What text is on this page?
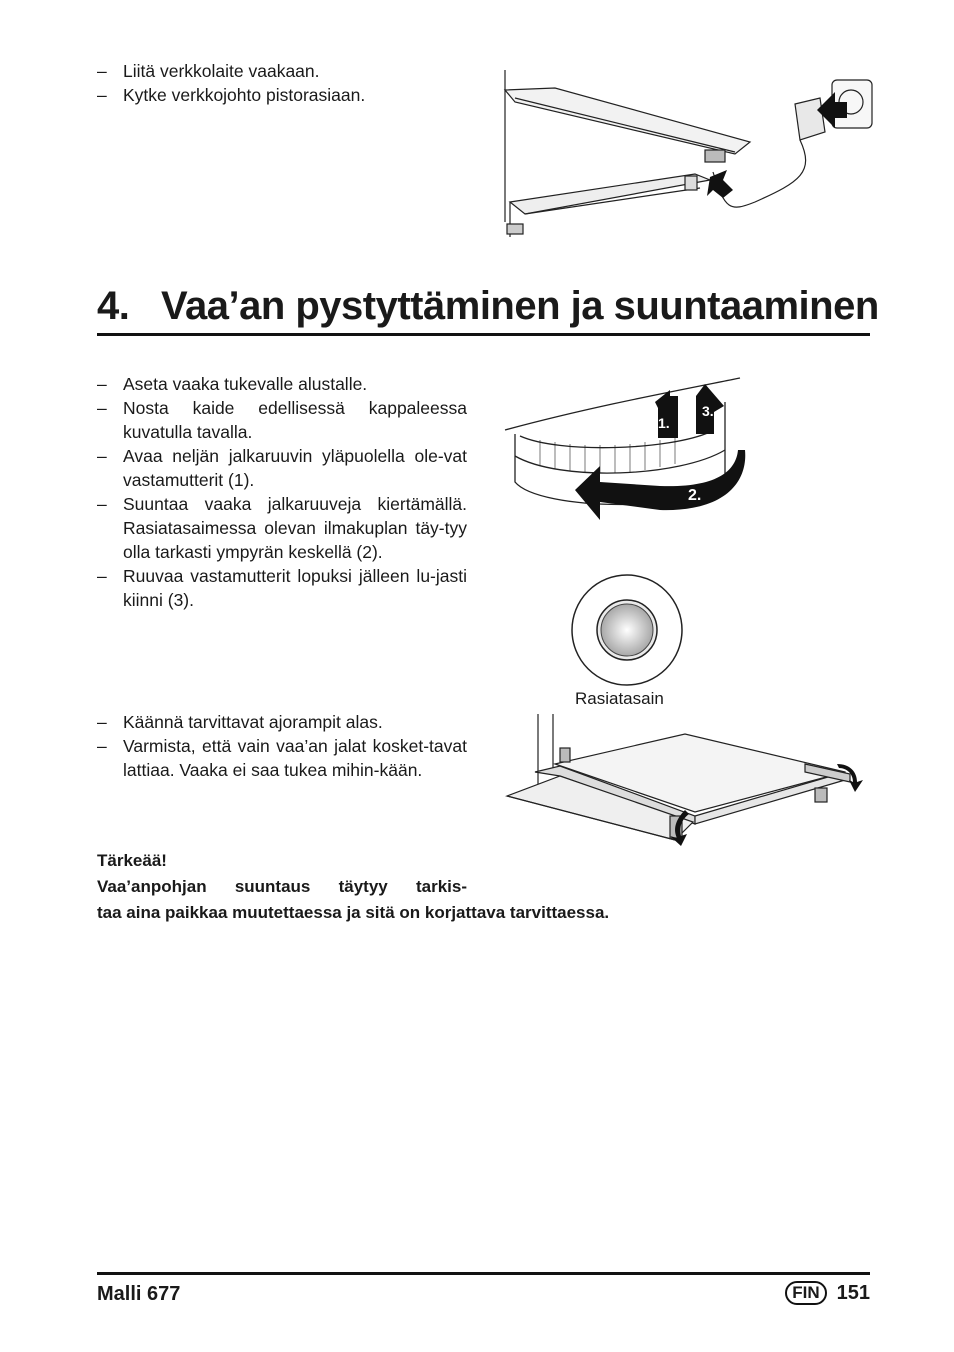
– Liitä verkkolaite vaakaan.
– Kytke verkkojohto pistorasiaan.
4. Vaa’an pystyttäminen ja suuntaaminen
– Aseta vaaka tukevalle alustalle.
– Nosta kaide edellisessä kappaleessa kuvatulla tavalla.
– Avaa neljän jalkaruuvin yläpuolella ole-vat vastamutterit (1).
– Suuntaa vaaka jalkaruuveja kiertämällä. Rasiatasaimessa olevan ilmakuplan täy-tyy olla tarkasti ympyrän keskellä (2).
– Ruuvaa vastamutterit lopuksi jälleen lu-jasti kiinni (3).
1.
3.
2.
Rasiatasain
– Käännä tarvittavat ajorampit alas.
– Varmista, että vain vaa’an jalat kosket-tavat lattiaa. Vaaka ei saa tukea mihin-kään.
Tärkeää!
Vaa’anpohjan suuntaus täytyy tarkis-
taa aina paikkaa muutettaessa ja sitä on korjattava tarvittaessa.
Malli 677	FIN 151
